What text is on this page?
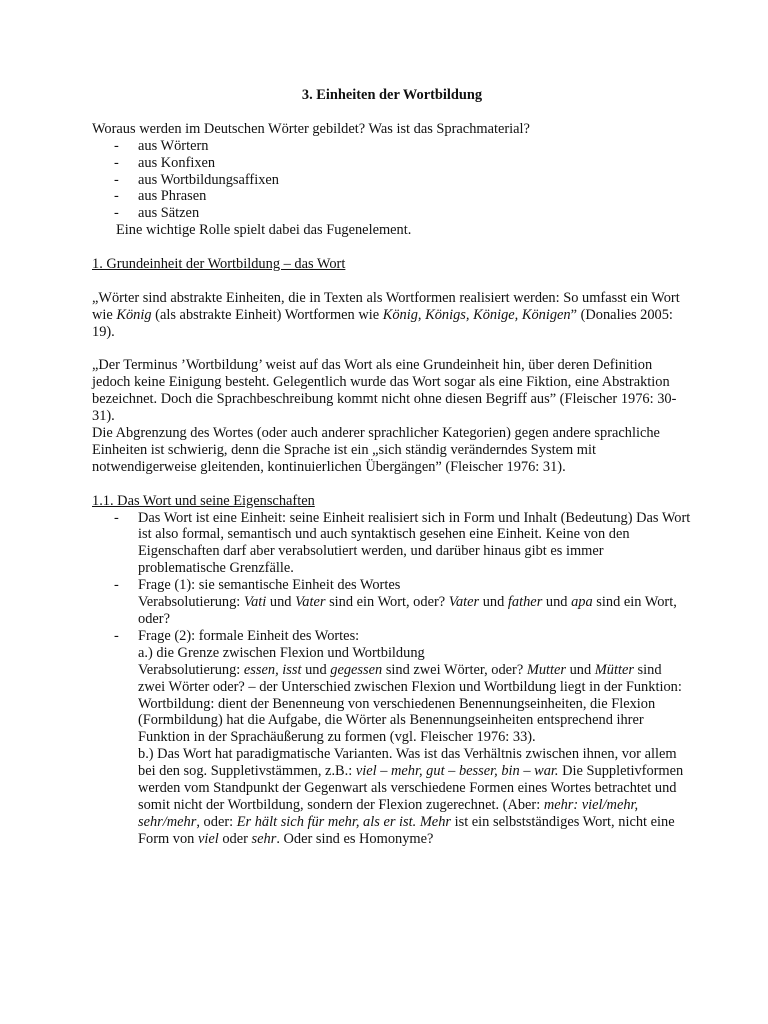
3. Einheiten der Wortbildung

Woraus werden im Deutschen Wörter gebildet? Was ist das Sprachmaterial?

- aus Wörtern
- aus Konfixen
- aus Wortbildungsaffixen
- aus Phrasen
- aus Sätzen

Eine wichtige Rolle spielt dabei das Fugenelement.

1. Grundeinheit der Wortbildung – das Wort

„Wörter sind abstrakte Einheiten, die in Texten als Wortformen realisiert werden: So umfasst ein Wort wie König (als abstrakte Einheit) Wortformen wie König, Königs, Könige, Königen” (Donalies 2005: 19).

„Der Terminus ’Wortbildung’ weist auf das Wort als eine Grundeinheit hin, über deren Definition jedoch keine Einigung besteht. Gelegentlich wurde das Wort sogar als eine Fiktion, eine Abstraktion bezeichnet. Doch die Sprachbeschreibung kommt nicht ohne diesen Begriff aus” (Fleischer 1976: 30-31).

Die Abgrenzung des Wortes (oder auch anderer sprachlicher Kategorien) gegen andere sprachliche Einheiten ist schwierig, denn die Sprache ist ein „sich ständig veränderndes System mit notwendigerweise gleitenden, kontinuierlichen Übergängen” (Fleischer 1976: 31).

1.1. Das Wort und seine Eigenschaften

- Das Wort ist eine Einheit: seine Einheit realisiert sich in Form und Inhalt (Bedeutung) Das Wort ist also formal, semantisch und auch syntaktisch gesehen eine Einheit. Keine von den Eigenschaften darf aber verabsolutiert werden, und darüber hinaus gibt es immer problematische Grenzfälle.
- Frage (1): sie semantische Einheit des Wortes
Verabsolutierung: Vati und Vater sind ein Wort, oder? Vater und father und apa sind ein Wort, oder?
- Frage (2): formale Einheit des Wortes:
a.) die Grenze zwischen Flexion und Wortbildung
Verabsolutierung: essen, isst und gegessen sind zwei Wörter, oder? Mutter und Mütter sind zwei Wörter oder? – der Unterschied zwischen Flexion und Wortbildung liegt in der Funktion: Wortbildung: dient der Benenneung von verschiedenen Benennungseinheiten, die Flexion (Formbildung) hat die Aufgabe, die Wörter als Benennungseinheiten entsprechend ihrer Funktion in der Sprachäußerung zu formen (vgl. Fleischer 1976: 33).
b.) Das Wort hat paradigmatische Varianten. Was ist das Verhältnis zwischen ihnen, vor allem bei den sog. Suppletivstämmen, z.B.: viel – mehr, gut – besser, bin – war. Die Suppletivformen werden vom Standpunkt der Gegenwart als verschiedene Formen eines Wortes betrachtet und somit nicht der Wortbildung, sondern der Flexion zugerechnet. (Aber: mehr: viel/mehr, sehr/mehr, oder: Er hält sich für mehr, als er ist. Mehr ist ein selbstständiges Wort, nicht eine Form von viel oder sehr. Oder sind es Homonyme?
